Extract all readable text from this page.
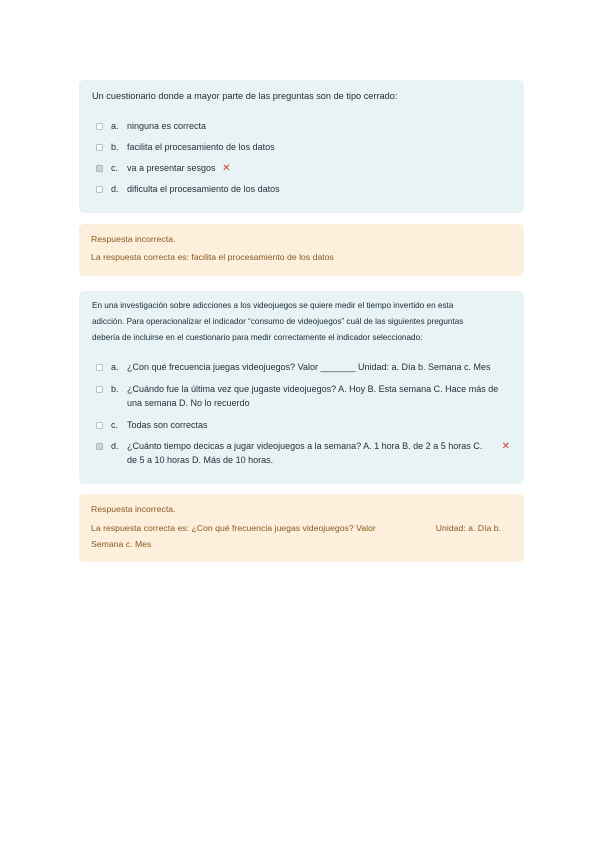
Un cuestionario donde a mayor parte de las preguntas son de tipo cerrado:
a. ninguna es correcta
b. facilita el procesamiento de los datos
c. va a presentar sesgos ✕
d. dificulta el procesamiento de los datos
Respuesta incorrecta.
La respuesta correcta es: facilita el procesamiento de los datos
En una investigación sobre adicciones a los videojuegos se quiere medir el tiempo invertido en esta
adicción. Para operacionalizar el indicador “consumo de videojuegos” cuál de las siguientes preguntas
debería de incluirse en el cuestionario para medir correctamente el indicador seleccionado:
a. ¿Con qué frecuencia juegas videojuegos? Valor _______ Unidad: a. Día b. Semana c. Mes
b. ¿Cuándo fue la última vez que jugaste videojuegos? A. Hoy B. Esta semana C. Hace más de
una semana D. No lo recuerdo
c. Todas son correctas
d. ¿Cuánto tiempo decicas a jugar videojuegos a la semana? A. 1 hora B. de 2 a 5 horas C.
de 5 a 10 horas D. Más de 10 horas.
✕
Respuesta incorrecta.
La respuesta correcta es: ¿Con qué frecuencia juegas videojuegos? Valor	Unidad: a. Día b.
Semana c. Mes
